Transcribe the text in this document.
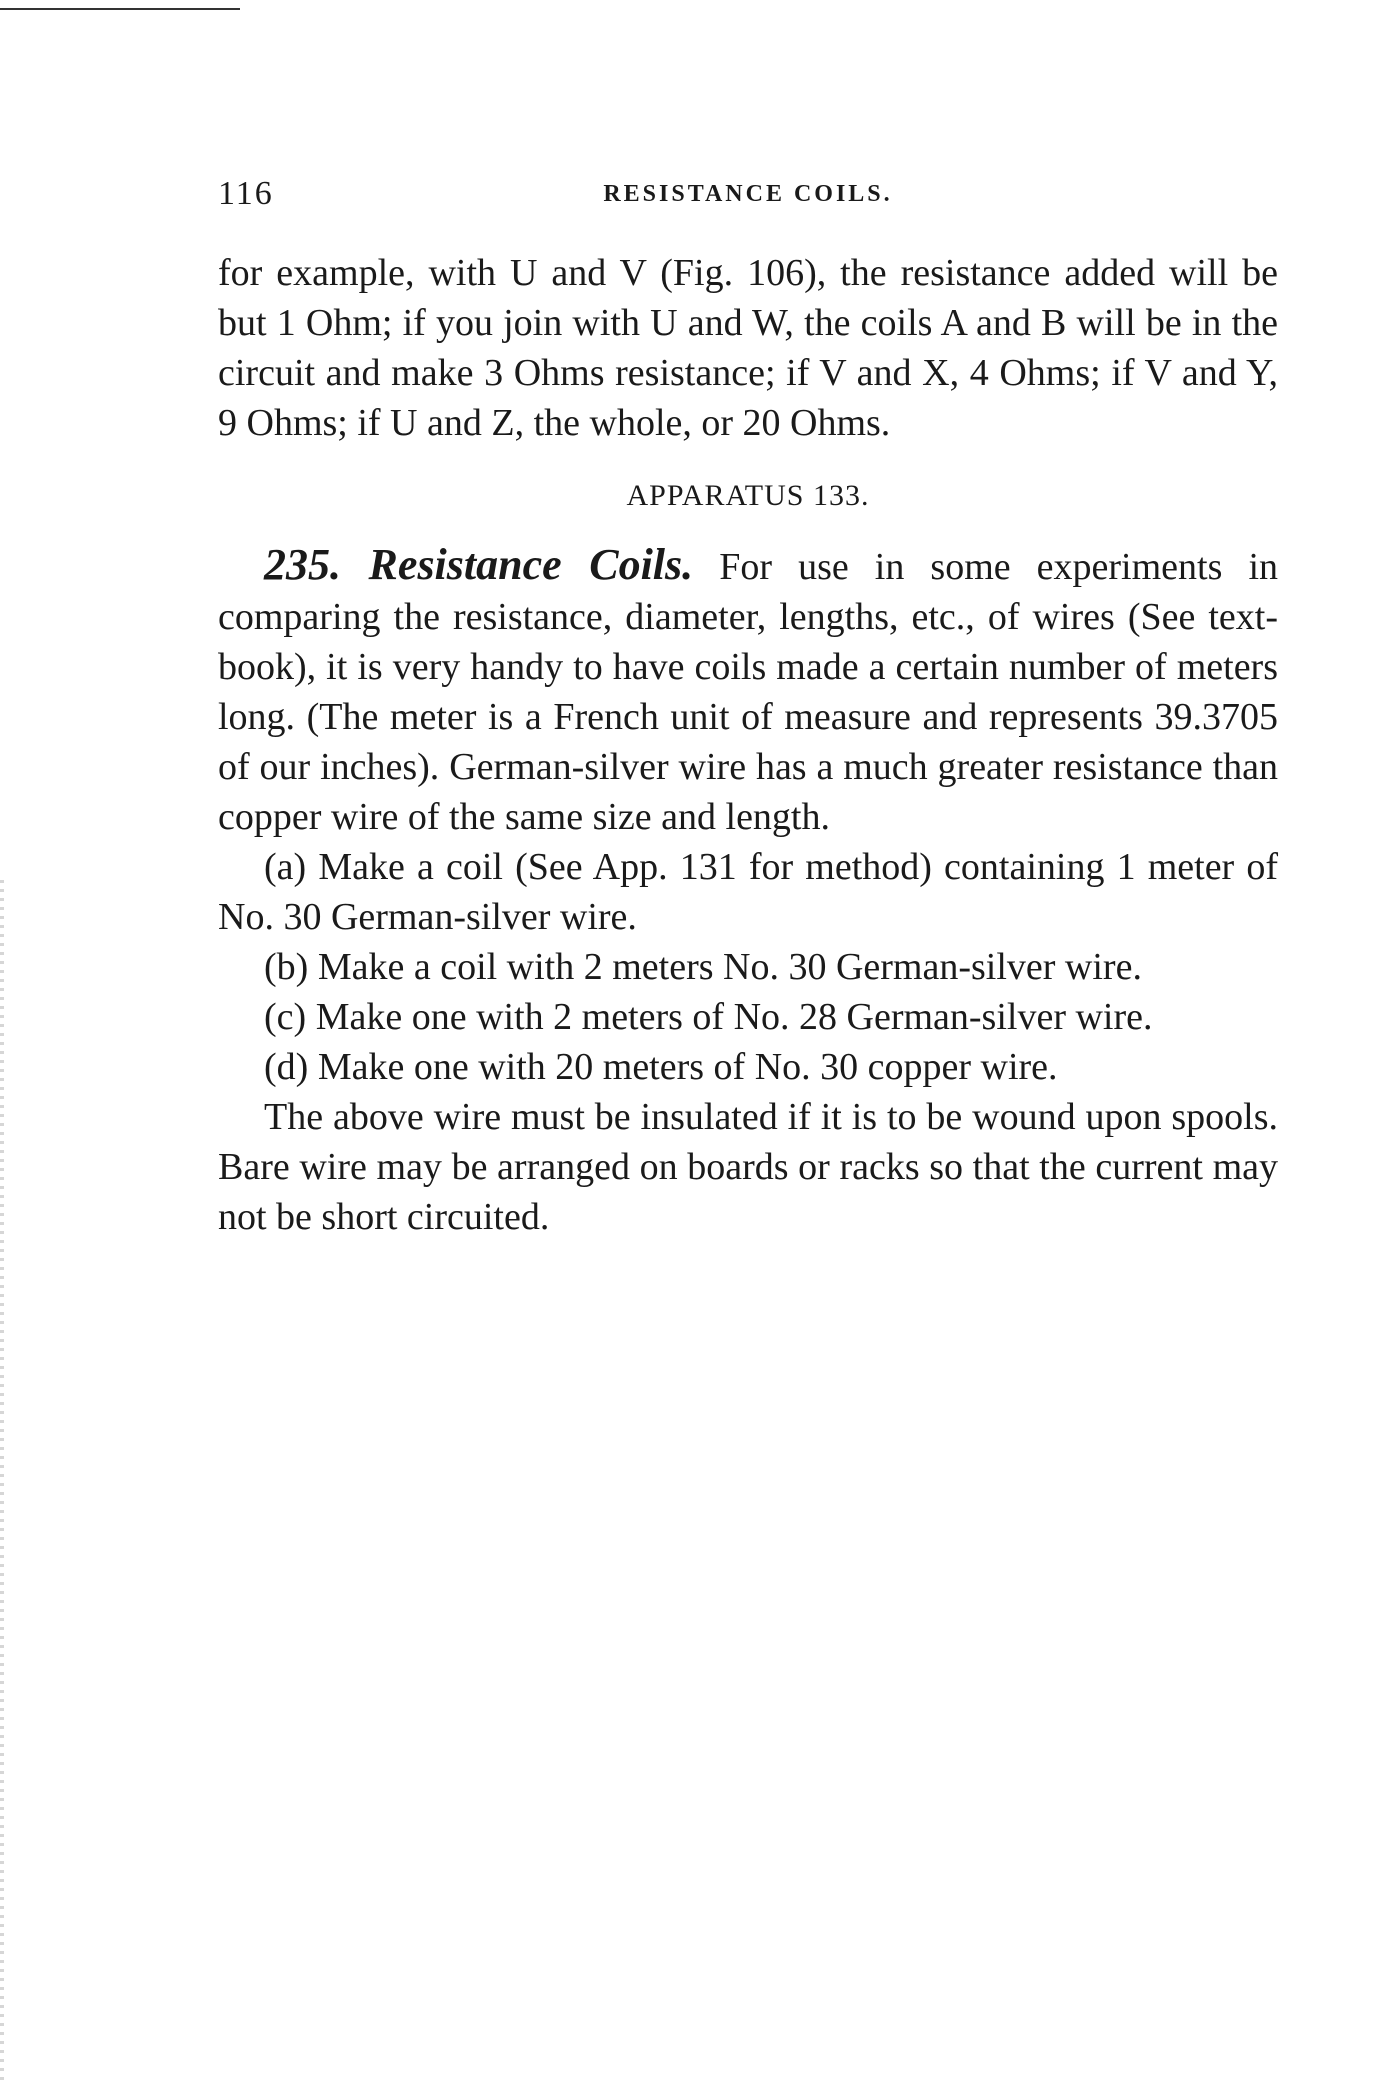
116	RESISTANCE COILS.

for example, with U and V (Fig. 106), the resistance added will be but 1 Ohm; if you join with U and W, the coils A and B will be in the circuit and make 3 Ohms resistance; if V and X, 4 Ohms; if V and Y, 9 Ohms; if U and Z, the whole, or 20 Ohms.

APPARATUS 133.

235. Resistance Coils. For use in some experiments in comparing the resistance, diameter, lengths, etc., of wires (See text-book), it is very handy to have coils made a certain number of meters long. (The meter is a French unit of measure and represents 39.3705 of our inches). German-silver wire has a much greater resistance than copper wire of the same size and length.

(a) Make a coil (See App. 131 for method) containing 1 meter of No. 30 German-silver wire.

(b) Make a coil with 2 meters No. 30 German-silver wire.

(c) Make one with 2 meters of No. 28 German-silver wire.

(d) Make one with 20 meters of No. 30 copper wire.

The above wire must be insulated if it is to be wound upon spools. Bare wire may be arranged on boards or racks so that the current may not be short circuited.
